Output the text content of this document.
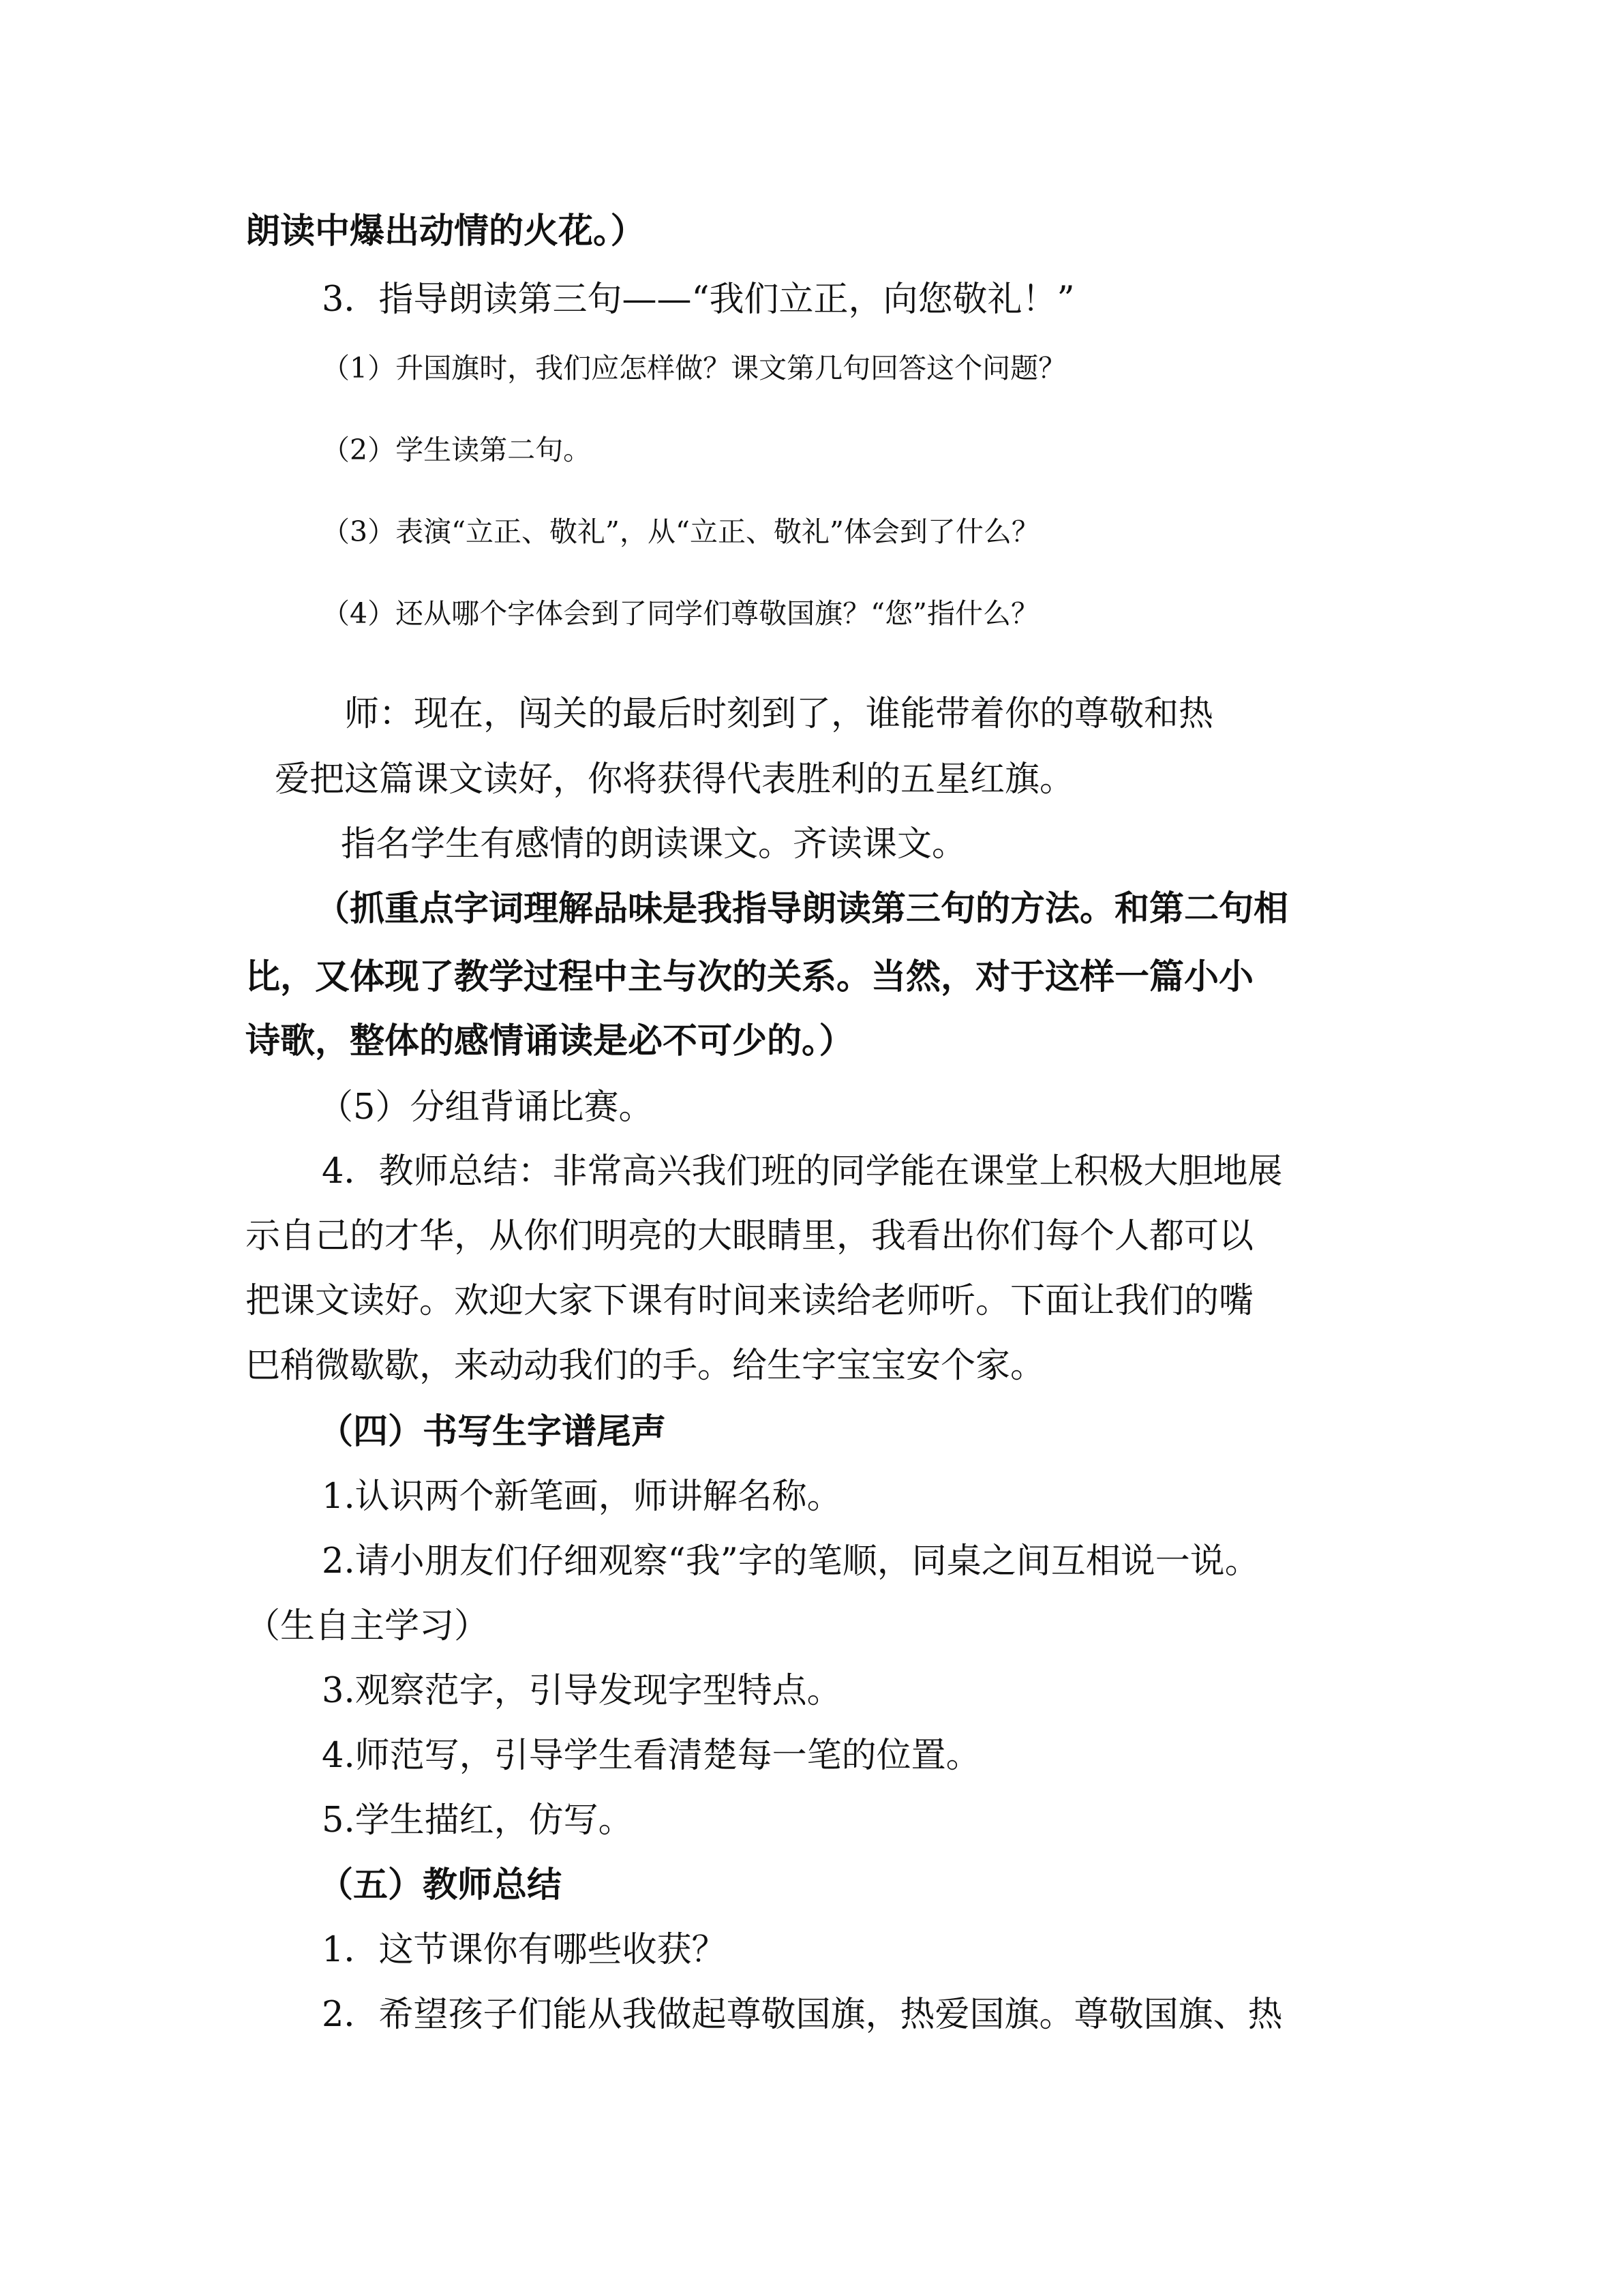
朗读中爆出动情的火花。）
3．指导朗读第三句——“我们立正，向您敬礼！”
（1）升国旗时，我们应怎样做？课文第几句回答这个问题？
（2）学生读第二句。
（3）表演“立正、敬礼”，从“立正、敬礼”体会到了什么？
（4）还从哪个字体会到了同学们尊敬国旗？“您”指什么？
师：现在，闯关的最后时刻到了，谁能带着你的尊敬和热
爱把这篇课文读好，你将获得代表胜利的五星红旗。
指名学生有感情的朗读课文。齐读课文。
（抓重点字词理解品味是我指导朗读第三句的方法。和第二句相
比，又体现了教学过程中主与次的关系。当然，对于这样一篇小小
诗歌，整体的感情诵读是必不可少的。）
（5）分组背诵比赛。
4．教师总结：非常高兴我们班的同学能在课堂上积极大胆地展
示自己的才华，从你们明亮的大眼睛里，我看出你们每个人都可以
把课文读好。欢迎大家下课有时间来读给老师听。下面让我们的嘴
巴稍微歇歇，来动动我们的手。给生字宝宝安个家。
（四）书写生字谱尾声
1.认识两个新笔画，师讲解名称。
2.请小朋友们仔细观察“我”字的笔顺，同桌之间互相说一说。
（生自主学习）
3.观察范字，引导发现字型特点。
4.师范写，引导学生看清楚每一笔的位置。
5.学生描红，仿写。
（五）教师总结
1．这节课你有哪些收获？
2．希望孩子们能从我做起尊敬国旗，热爱国旗。尊敬国旗、热
